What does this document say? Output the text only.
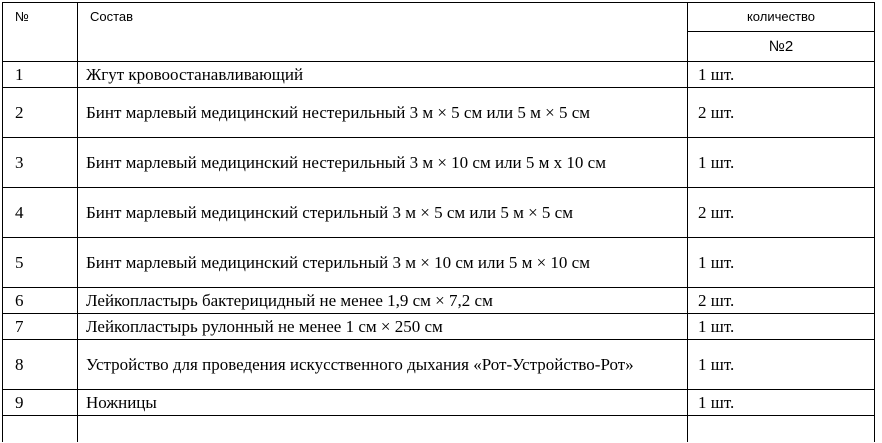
№	Состав	количество
		№2
1	Жгут кровоостанавливающий	1 шт.
2	Бинт марлевый медицинский нестерильный 3 м × 5 см или 5 м × 5 см	2 шт.
3	Бинт марлевый медицинский нестерильный 3 м × 10 см или 5 м х 10 см	1 шт.
4	Бинт марлевый медицинский стерильный 3 м × 5 см или 5 м × 5 см	2 шт.
5	Бинт марлевый медицинский стерильный 3 м × 10 см или 5 м × 10 см	1 шт.
6	Лейкопластырь бактерицидный не менее 1,9 см × 7,2 см	2 шт.
7	Лейкопластырь рулонный не менее 1 см × 250 см	1 шт.
8	Устройство для проведения искусственного дыхания «Рот-Устройство-Рот»	1 шт.
9	Ножницы	1 шт.
